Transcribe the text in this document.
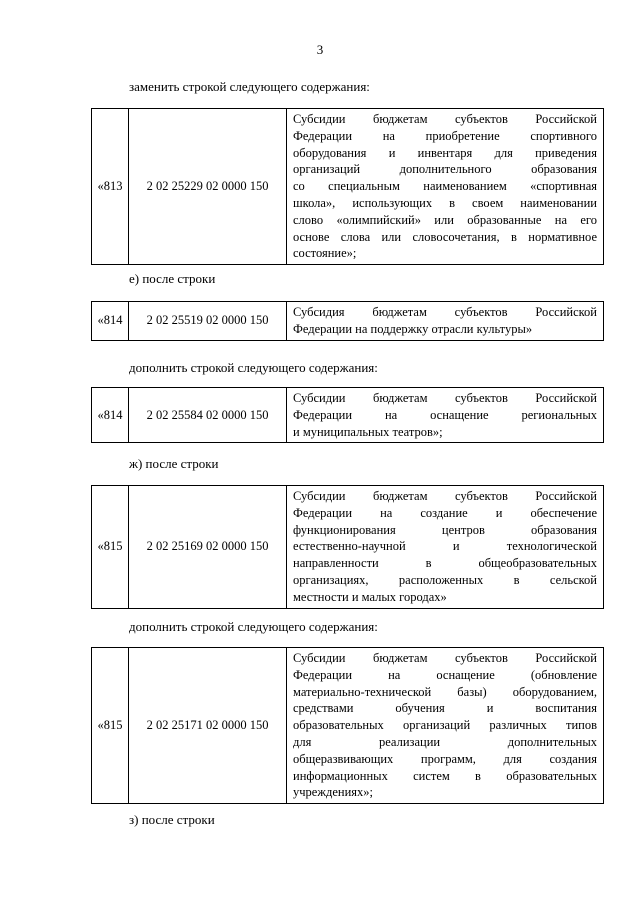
3
заменить строкой следующего содержания:
«813	2 02 25229 02 0000 150	
Субсидии бюджетам субъектов Российской
Федерации на приобретение спортивного
оборудования и инвентаря для приведения
организаций дополнительного образования
со специальным наименованием «спортивная
школа», использующих в своем наименовании
слово «олимпийский» или образованные на его
основе слова или словосочетания, в нормативное
состояние»;
е) после строки
«814	2 02 25519 02 0000 150	
Субсидия бюджетам субъектов Российской
Федерации на поддержку отрасли культуры»
дополнить строкой следующего содержания:
«814	2 02 25584 02 0000 150	
Субсидии бюджетам субъектов Российской
Федерации на оснащение региональных
и муниципальных театров»;
ж) после строки
«815	2 02 25169 02 0000 150	
Субсидии бюджетам субъектов Российской
Федерации на создание и обеспечение
функционирования центров образования
естественно-научной и технологической
направленности в общеобразовательных
организациях, расположенных в сельской
местности и малых городах»
дополнить строкой следующего содержания:
«815	2 02 25171 02 0000 150	
Субсидии бюджетам субъектов Российской
Федерации на оснащение (обновление
материально-технической базы) оборудованием,
средствами обучения и воспитания
образовательных организаций различных типов
для реализации дополнительных
общеразвивающих программ, для создания
информационных систем в образовательных
учреждениях»;
з) после строки
